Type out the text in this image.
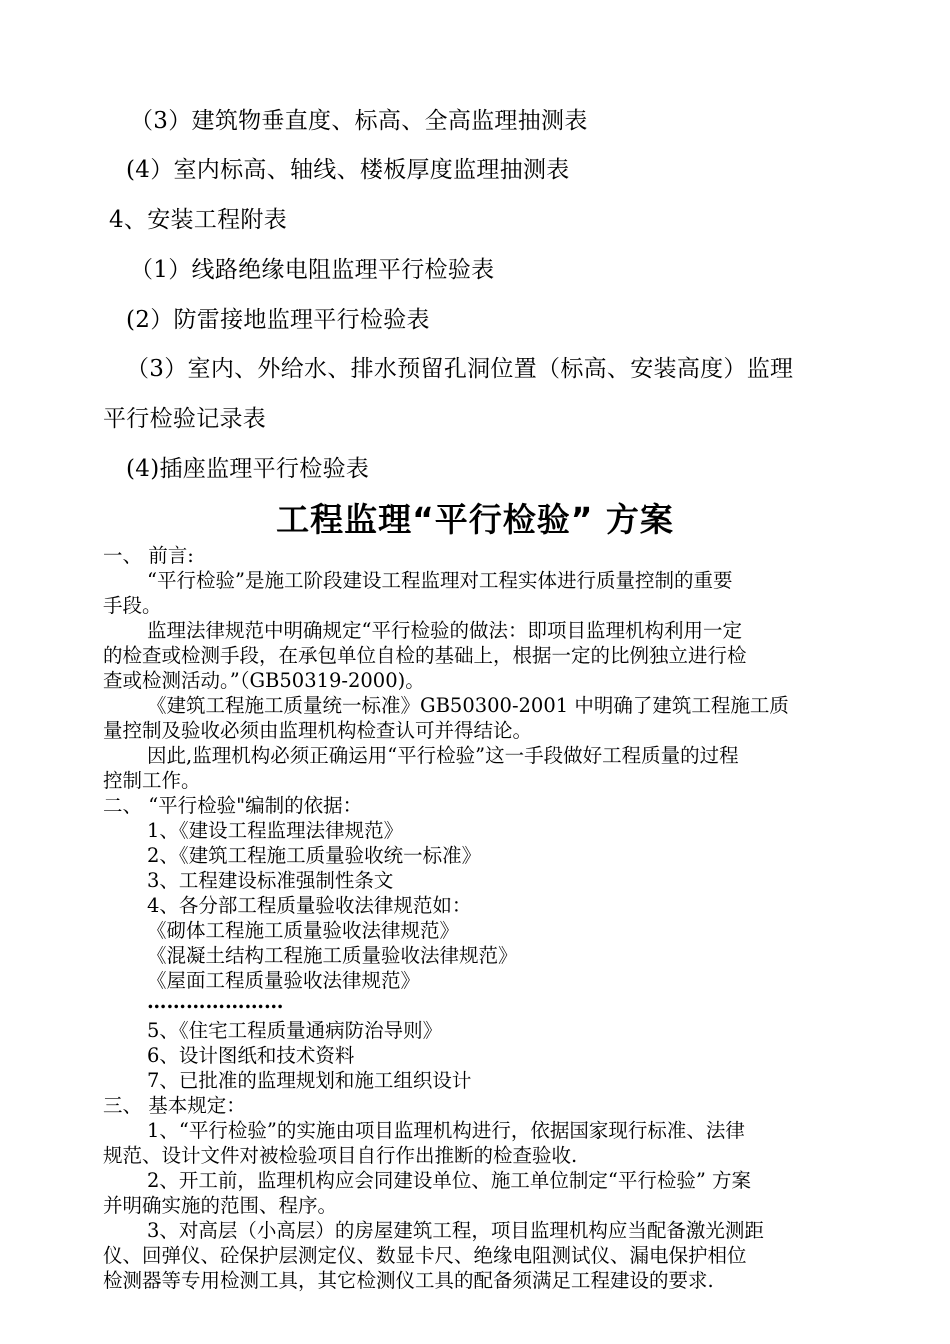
（3）建筑物垂直度、标高、全高监理抽测表
(4）室内标高、轴线、楼板厚度监理抽测表
4、安装工程附表
（1）线路绝缘电阻监理平行检验表
(2）防雷接地监理平行检验表
（3）室内、外给水、排水预留孔洞位置（标高、安装高度）监理
平行检验记录表
(4)插座监理平行检验表
工程监理“平行检验” 方案
一、 前言:
“平行检验”是施工阶段建设工程监理对工程实体进行质量控制的重要
手段。
监理法律规范中明确规定“平行检验的做法：即项目监理机构利用一定
的检查或检测手段，在承包单位自检的基础上，根据一定的比例独立进行检
查或检测活动。”（GB50319-2000)。
《建筑工程施工质量统一标准》GB50300-2001 中明确了建筑工程施工质
量控制及验收必须由监理机构检查认可并得结论。
因此,监理机构必须正确运用“平行检验”这一手段做好工程质量的过程
控制工作。
二、 “平行检验"编制的依据：
1、《建设工程监理法律规范》
2、《建筑工程施工质量验收统一标准》
3、工程建设标准强制性条文
4、各分部工程质量验收法律规范如：
《砌体工程施工质量验收法律规范》
《混凝土结构工程施工质量验收法律规范》
《屋面工程质量验收法律规范》
…………………
5、《住宅工程质量通病防治导则》
6、设计图纸和技术资料
7、已批准的监理规划和施工组织设计
三、 基本规定：
1、“平行检验”的实施由项目监理机构进行，依据国家现行标准、法律
规范、设计文件对被检验项目自行作出推断的检查验收.
2、开工前，监理机构应会同建设单位、施工单位制定“平行检验” 方案
并明确实施的范围、程序。
3、对高层（小高层）的房屋建筑工程，项目监理机构应当配备激光测距
仪、回弹仪、砼保护层测定仪、数显卡尺、绝缘电阻测试仪、漏电保护相位
检测器等专用检测工具，其它检测仪工具的配备须满足工程建设的要求.
